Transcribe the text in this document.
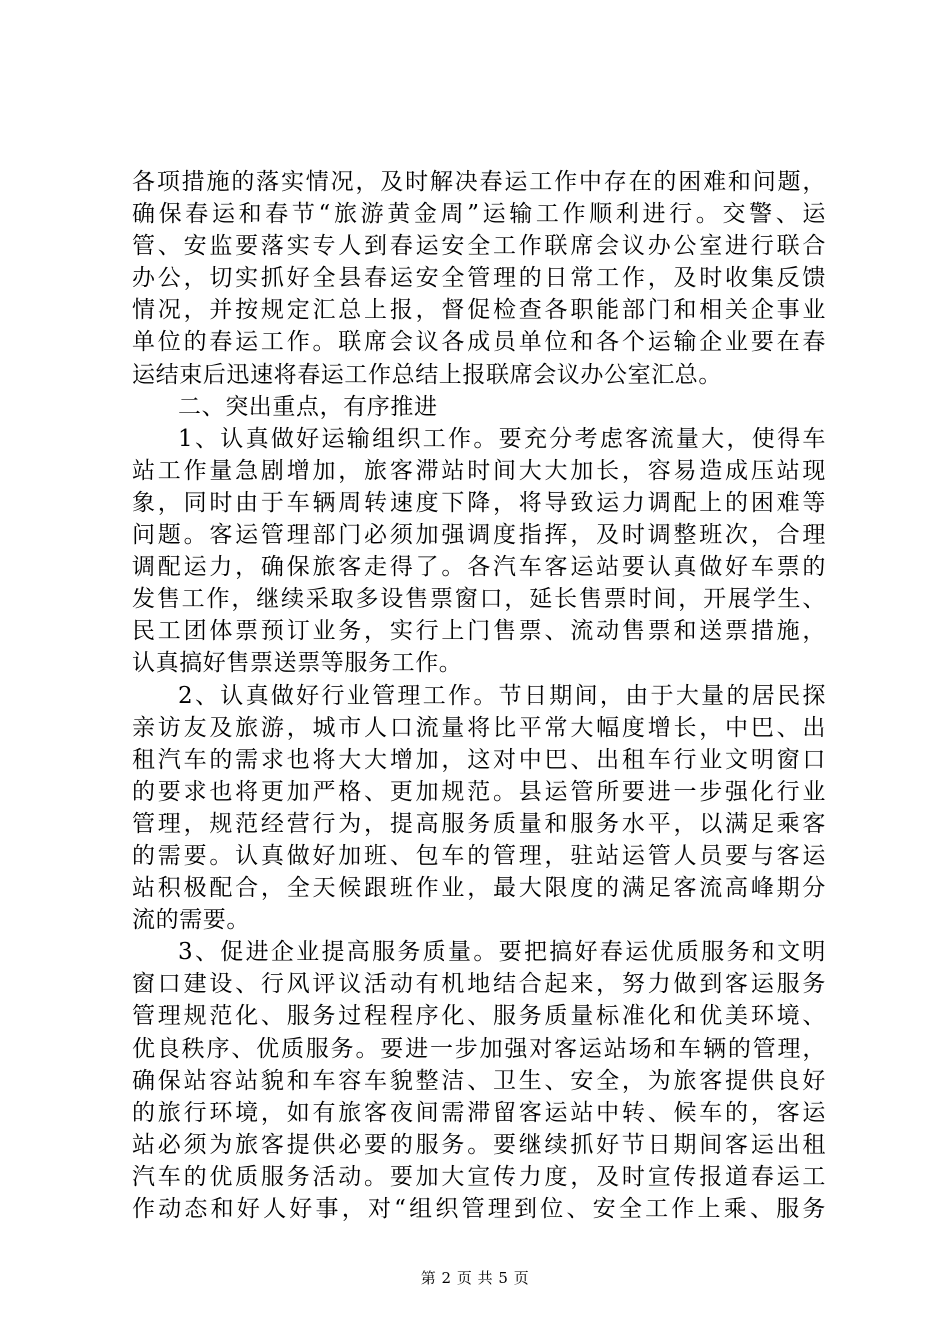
各项措施的落实情况，及时解决春运工作中存在的困难和问题，
确保春运和春节“旅游黄金周”运输工作顺利进行。交警、运
管、安监要落实专人到春运安全工作联席会议办公室进行联合
办公，切实抓好全县春运安全管理的日常工作，及时收集反馈
情况，并按规定汇总上报，督促检查各职能部门和相关企事业
单位的春运工作。联席会议各成员单位和各个运输企业要在春
运结束后迅速将春运工作总结上报联席会议办公室汇总。
二、突出重点，有序推进
1、认真做好运输组织工作。要充分考虑客流量大，使得车
站工作量急剧增加，旅客滞站时间大大加长，容易造成压站现
象，同时由于车辆周转速度下降，将导致运力调配上的困难等
问题。客运管理部门必须加强调度指挥，及时调整班次，合理
调配运力，确保旅客走得了。各汽车客运站要认真做好车票的
发售工作，继续采取多设售票窗口，延长售票时间，开展学生、
民工团体票预订业务，实行上门售票、流动售票和送票措施，
认真搞好售票送票等服务工作。
2、认真做好行业管理工作。节日期间，由于大量的居民探
亲访友及旅游，城市人口流量将比平常大幅度增长，中巴、出
租汽车的需求也将大大增加，这对中巴、出租车行业文明窗口
的要求也将更加严格、更加规范。县运管所要进一步强化行业
管理，规范经营行为，提高服务质量和服务水平，以满足乘客
的需要。认真做好加班、包车的管理，驻站运管人员要与客运
站积极配合，全天候跟班作业，最大限度的满足客流高峰期分
流的需要。
3、促进企业提高服务质量。要把搞好春运优质服务和文明
窗口建设、行风评议活动有机地结合起来，努力做到客运服务
管理规范化、服务过程程序化、服务质量标准化和优美环境、
优良秩序、优质服务。要进一步加强对客运站场和车辆的管理，
确保站容站貌和车容车貌整洁、卫生、安全，为旅客提供良好
的旅行环境，如有旅客夜间需滞留客运站中转、候车的，客运
站必须为旅客提供必要的服务。要继续抓好节日期间客运出租
汽车的优质服务活动。要加大宣传力度，及时宣传报道春运工
作动态和好人好事，对“组织管理到位、安全工作上乘、服务
第 2 页 共 5 页
